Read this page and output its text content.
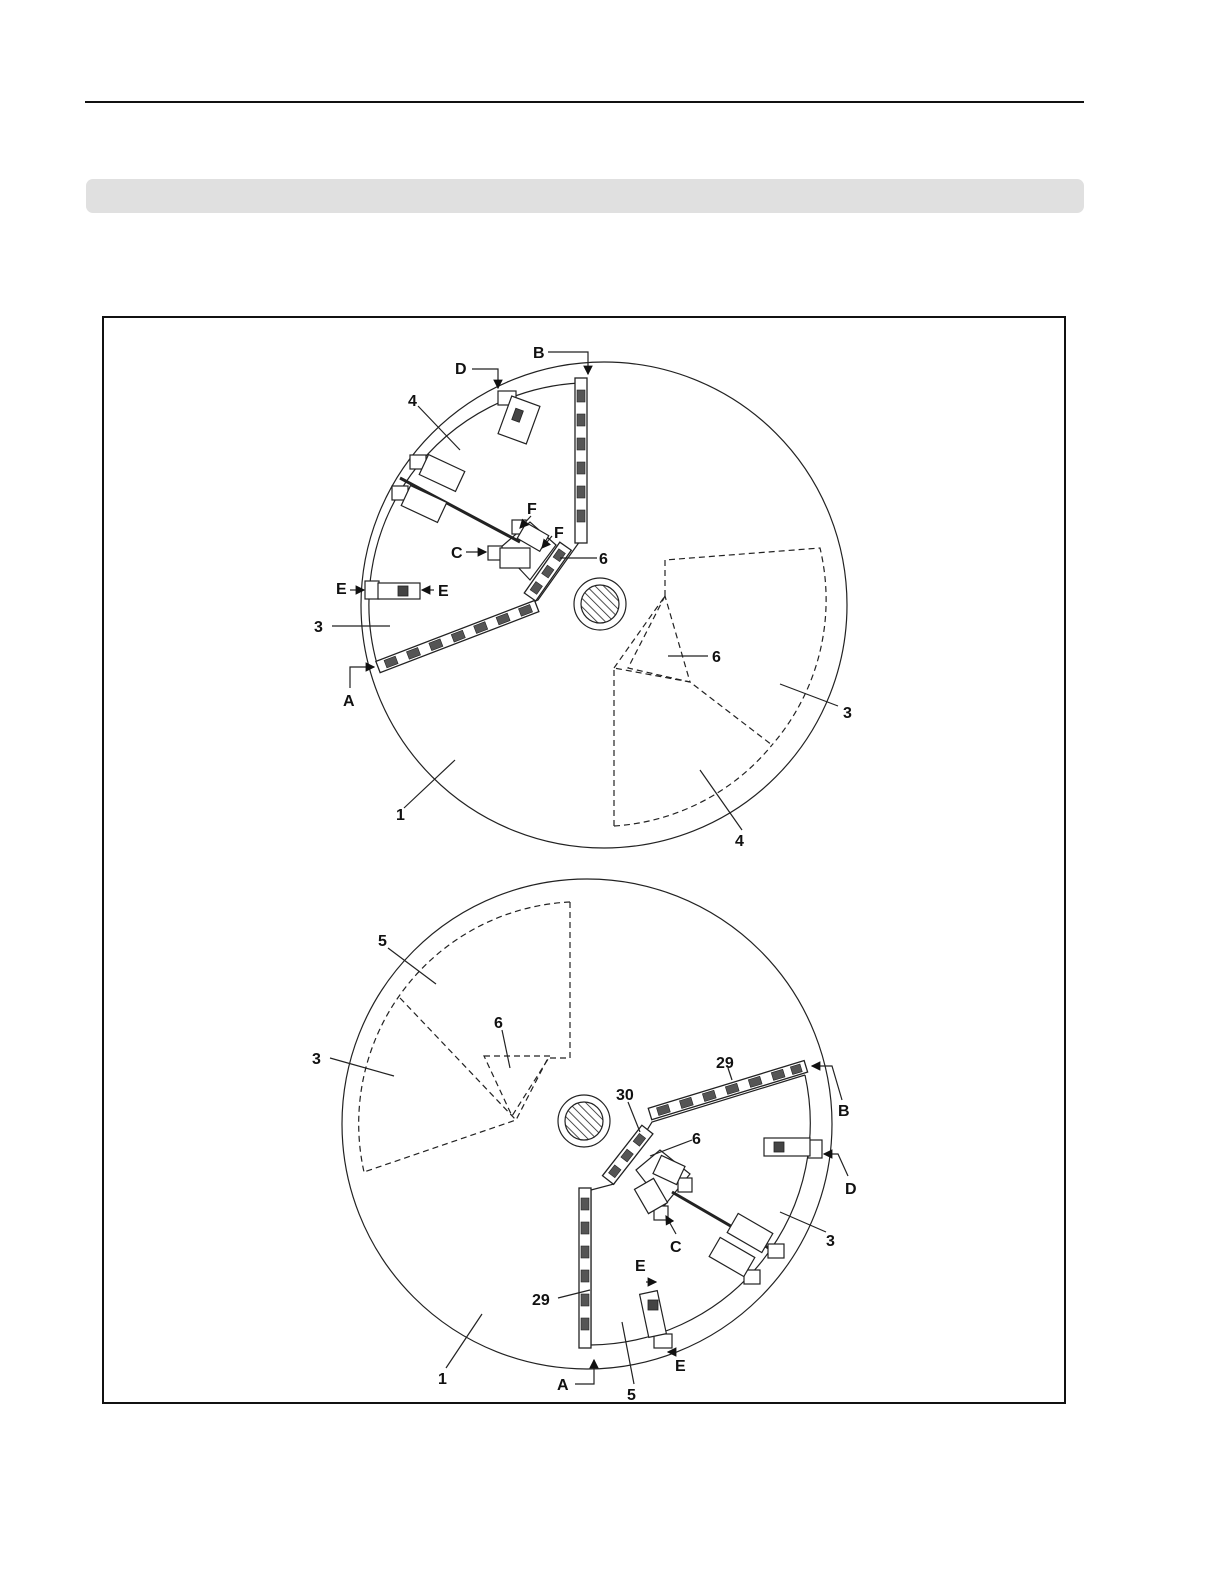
B
D
4
F
F
C	6
E	E
3
A
6
3
1
4
5
6
3	29
30
6
B
D
C	3
E
29
E
1	A
5
